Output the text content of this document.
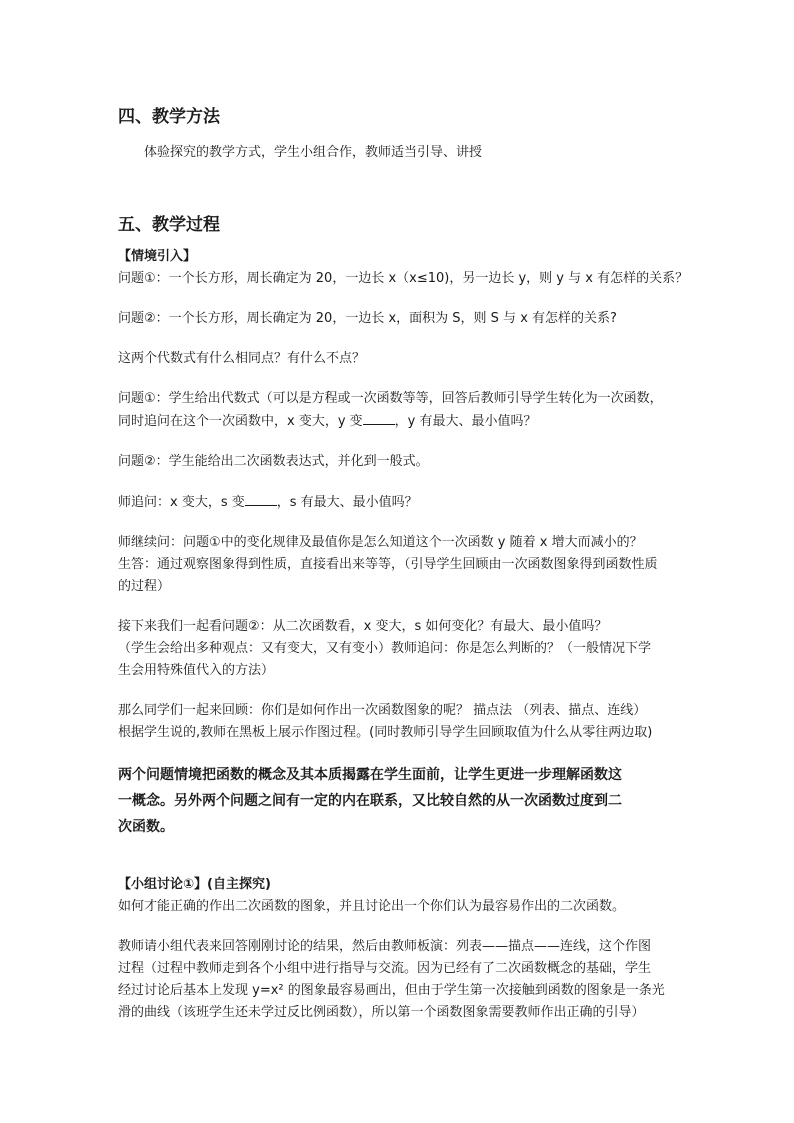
四、教学方法

体验探究的教学方式，学生小组合作，教师适当引导、讲授

五、教学过程

【情境引入】

问题①：一个长方形，周长确定为 20，一边长 x（x≤10)，另一边长 y，则 y 与 x 有怎样的关系？

问题②：一个长方形，周长确定为 20，一边长 x，面积为 S，则 S 与 x 有怎样的关系?

这两个代数式有什么相同点？有什么不点？

问题①：学生给出代数式（可以是方程或一次函数等等，回答后教师引导学生转化为一次函数，

同时追问在这个一次函数中，x 变大，y 变 ，y 有最大、最小值吗？

问题②：学生能给出二次函数表达式，并化到一般式。

师追问：x 变大，s 变 ，s 有最大、最小值吗？

师继续问：问题①中的变化规律及最值你是怎么知道这个一次函数 y 随着 x 增大而减小的？

生答：通过观察图象得到性质，直接看出来等等，（引导学生回顾由一次函数图象得到函数性质

的过程）

接下来我们一起看问题②：从二次函数看，x 变大，s 如何变化？有最大、最小值吗？

（学生会给出多种观点：又有变大，又有变小）教师追问：你是怎么判断的？（一般情况下学

生会用特殊值代入的方法）

那么同学们一起来回顾：你们是如何作出一次函数图象的呢？ 描点法 （列表、描点、连线）

根据学生说的,教师在黑板上展示作图过程。(同时教师引导学生回顾取值为什么从零往两边取)

两个问题情境把函数的概念及其本质揭露在学生面前，让学生更进一步理解函数这

一概念。另外两个问题之间有一定的内在联系，又比较自然的从一次函数过度到二

次函数。

【小组讨论①】(自主探究)

如何才能正确的作出二次函数的图象，并且讨论出一个你们认为最容易作出的二次函数。

教师请小组代表来回答刚刚讨论的结果，然后由教师板演：列表——描点——连线，这个作图

过程（过程中教师走到各个小组中进行指导与交流。因为已经有了二次函数概念的基础，学生

经过讨论后基本上发现 y=x² 的图象最容易画出，但由于学生第一次接触到函数的图象是一条光

滑的曲线（该班学生还未学过反比例函数），所以第一个函数图象需要教师作出正确的引导）
